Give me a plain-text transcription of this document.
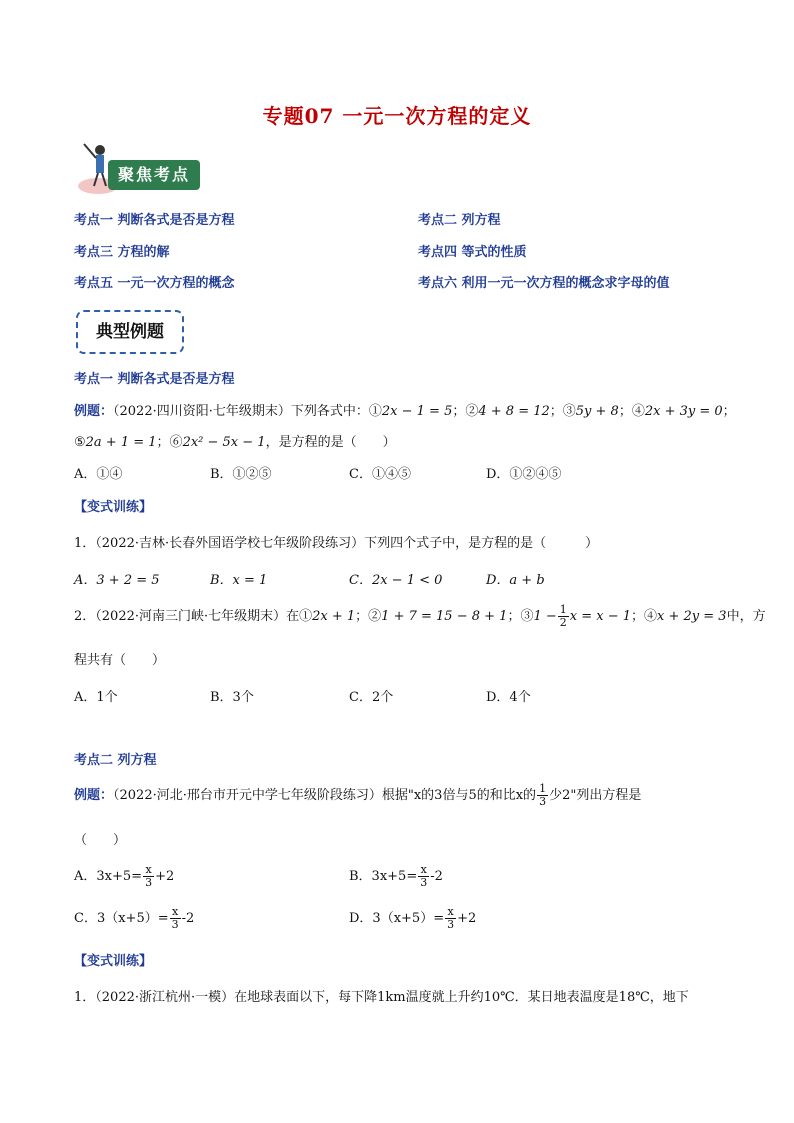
专题07 一元一次方程的定义
聚焦考点
考点一 判断各式是否是方程	考点二 列方程
考点三 方程的解	考点四 等式的性质
考点五 一元一次方程的概念	考点六 利用一元一次方程的概念求字母的值
典型例题
考点一 判断各式是否是方程
例题：（2022·四川资阳·七年级期末）下列各式中：①2x − 1 = 5；②4 + 8 = 12；③5y + 8；④2x + 3y = 0；
⑤2a + 1 = 1；⑥2x² − 5x − 1，是方程的是（　　）
A．①④	B．①②⑤	C．①④⑤	D．①②④⑤
【变式训练】
1．（2022·吉林·长春外国语学校七年级阶段练习）下列四个式子中，是方程的是（　　　）
A．3 + 2 = 5	B．x = 1	C．2x − 1 < 0	D．a + b
2．（2022·河南三门峡·七年级期末）在①2x + 1；②1 + 7 = 15 − 8 + 1；③1 − $\frac{1}{2}$ x = x − 1；④x + 2y = 3中，方
程共有（　　）
A．1个	B．3个	C．2个	D．4个
考点二 列方程
例题：（2022·河北·邢台市开元中学七年级阶段练习）根据"x的3倍与5的和比x的 $\frac{1}{3}$ 少2"列出方程是
（　　）
A．$3x+5= \frac{x}{3} +2$	B．$3x+5= \frac{x}{3} -2$
C．$3(x+5)= \frac{x}{3} -2$	D．$3(x+5)= \frac{x}{3} +2$
【变式训练】
1．（2022·浙江杭州·一模）在地球表面以下，每下降1km温度就上升约10℃．某日地表温度是18℃，地下
